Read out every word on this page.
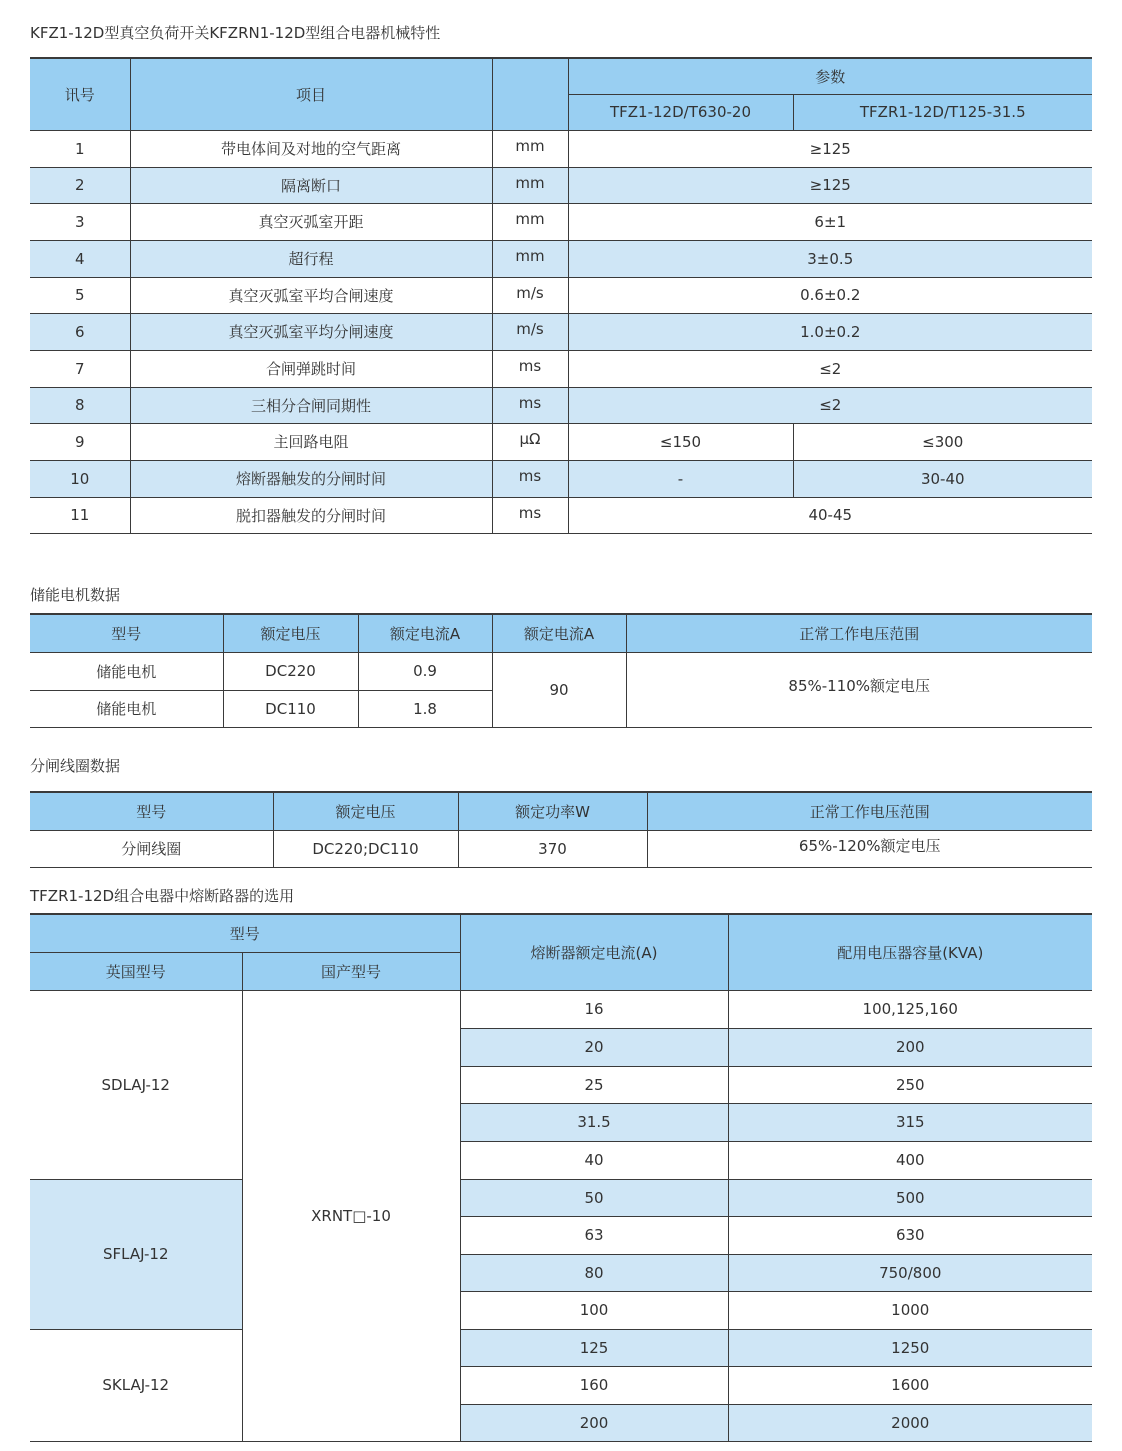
KFZ1-12D型真空负荷开关KFZRN1-12D型组合电器机械特性
讯号	项目		参数	
			TFZ1-12D/T630-20	TFZR1-12D/T125-31.5
1	带电体间及对地的空气距离	mm	≥125	
2	隔离断口	mm	≥125	
3	真空灭弧室开距	mm	6±1	
4	超行程	mm	3±0.5	
5	真空灭弧室平均合闸速度	m/s	0.6±0.2	
6	真空灭弧室平均分闸速度	m/s	1.0±0.2	
7	合闸弹跳时间	ms	≤2	
8	三相分合闸同期性	ms	≤2	
9	主回路电阻	μΩ	≤150	≤300
10	熔断器触发的分闸时间	ms	-	30-40
11	脱扣器触发的分闸时间	ms	40-45	
储能电机数据
型号	额定电压	额定电流A	额定电流A	正常工作电压范围
储能电机	DC220	0.9	90	85%-110%额定电压
储能电机	DC110	1.8		
分闸线圈数据
型号	额定电压	额定功率W	正常工作电压范围
分闸线圈	DC220;DC110	370	65%-120%额定电压
TFZR1-12D组合电器中熔断路器的选用
型号		熔断器额定电流(A)	配用电压器容量(KVA)
英国型号	国产型号		
SDLAJ-12	XRNT□-10	16	100,125,160
		20	200
		25	250
		31.5	315
		40	400
SFLAJ-12		50	500
		63	630
		80	750/800
		100	1000
SKLAJ-12		125	1250
		160	1600
		200	2000
